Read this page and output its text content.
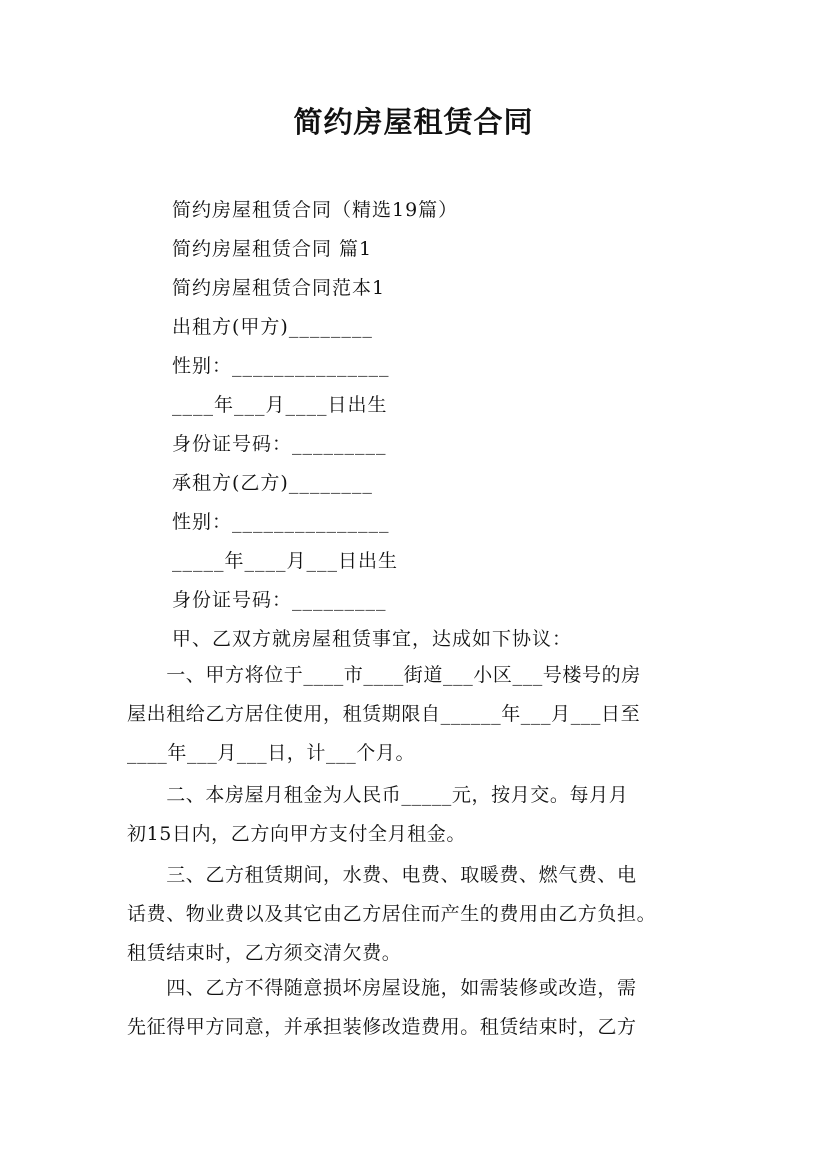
简约房屋租赁合同
简约房屋租赁合同（精选19篇）
简约房屋租赁合同 篇1
简约房屋租赁合同范本1
出租方(甲方)________
性别：_______________
____年___月____日出生
身份证号码：_________
承租方(乙方)________
性别：_______________
_____年____月___日出生
身份证号码：_________
甲、乙双方就房屋租赁事宜，达成如下协议：
　　一、甲方将位于____市____街道___小区___号楼号的房
屋出租给乙方居住使用，租赁期限自______年___月___日至
____年___月___日，计___个月。
　　二、本房屋月租金为人民币_____元，按月交。每月月
初15日内，乙方向甲方支付全月租金。
　　三、乙方租赁期间，水费、电费、取暖费、燃气费、电
话费、物业费以及其它由乙方居住而产生的费用由乙方负担。
租赁结束时，乙方须交清欠费。
　　四、乙方不得随意损坏房屋设施，如需装修或改造，需
先征得甲方同意，并承担装修改造费用。租赁结束时，乙方
